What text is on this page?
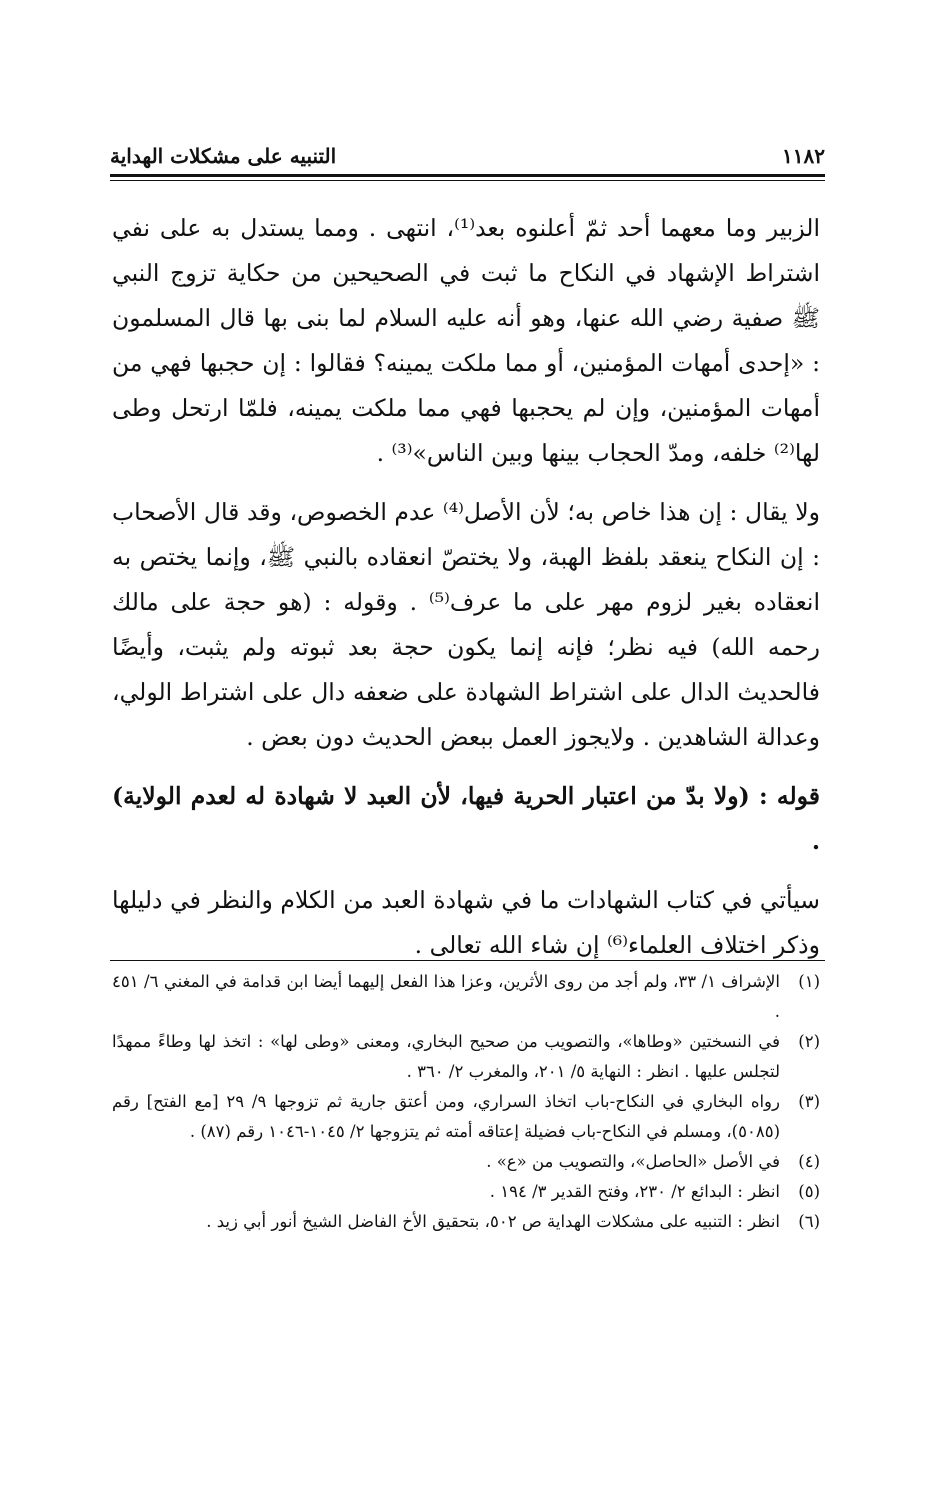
١١٨٢
التنبيه على مشكلات الهداية

الزبير وما معهما أحد ثمّ أعلنوه بعد⁽¹⁾، انتهى . ومما يستدل به على نفي اشتراط الإشهاد في النكاح ما ثبت في الصحيحين من حكاية تزوج النبي ﷺ صفية رضي الله عنها، وهو أنه عليه السلام لما بنى بها قال المسلمون : «إحدى أمهات المؤمنين، أو مما ملكت يمينه؟ فقالوا : إن حجبها فهي من أمهات المؤمنين، وإن لم يحجبها فهي مما ملكت يمينه، فلمّا ارتحل وطى لها⁽²⁾ خلفه، ومدّ الحجاب بينها وبين الناس»⁽³⁾ .

ولا يقال : إن هذا خاص به؛ لأن الأصل⁽⁴⁾ عدم الخصوص، وقد قال الأصحاب : إن النكاح ينعقد بلفظ الهبة، ولا يختصّ انعقاده بالنبي ﷺ، وإنما يختص به انعقاده بغير لزوم مهر على ما عرف⁽⁵⁾ . وقوله : (هو حجة على مالك رحمه الله) فيه نظر؛ فإنه إنما يكون حجة بعد ثبوته ولم يثبت، وأيضًا فالحديث الدال على اشتراط الشهادة على ضعفه دال على اشتراط الولي، وعدالة الشاهدين . ولايجوز العمل ببعض الحديث دون بعض .

قوله : (ولا بدّ من اعتبار الحرية فيها، لأن العبد لا شهادة له لعدم الولاية) .

سيأتي في كتاب الشهادات ما في شهادة العبد من الكلام والنظر في دليلها وذكر اختلاف العلماء⁽⁶⁾ إن شاء الله تعالى .

(١)
الإشراف ١/ ٣٣، ولم أجد من روى الأثرين، وعزا هذا الفعل إليهما أيضا ابن قدامة في المغني ٦/ ٤٥١ .
(٢)
في النسختين «وطاها»، والتصويب من صحيح البخاري، ومعنى «وطى لها» : اتخذ لها وطاءً ممهدًا لتجلس عليها . انظر : النهاية ٥/ ٢٠١، والمغرب ٢/ ٣٦٠ .
(٣)
رواه البخاري في النكاح-باب اتخاذ السراري، ومن أعتق جارية ثم تزوجها ٩/ ٢٩ [مع الفتح] رقم (٥٠٨٥)، ومسلم في النكاح-باب فضيلة إعتاقه أمته ثم يتزوجها ٢/ ١٠٤٥-١٠٤٦ رقم (٨٧) .
(٤)
في الأصل «الحاصل»، والتصويب من «ع» .
(٥)
انظر : البدائع ٢/ ٢٣٠، وفتح القدير ٣/ ١٩٤ .
(٦)
انظر : التنبيه على مشكلات الهداية ص ٥٠٢، بتحقيق الأخ الفاضل الشيخ أنور أبي زيد .
